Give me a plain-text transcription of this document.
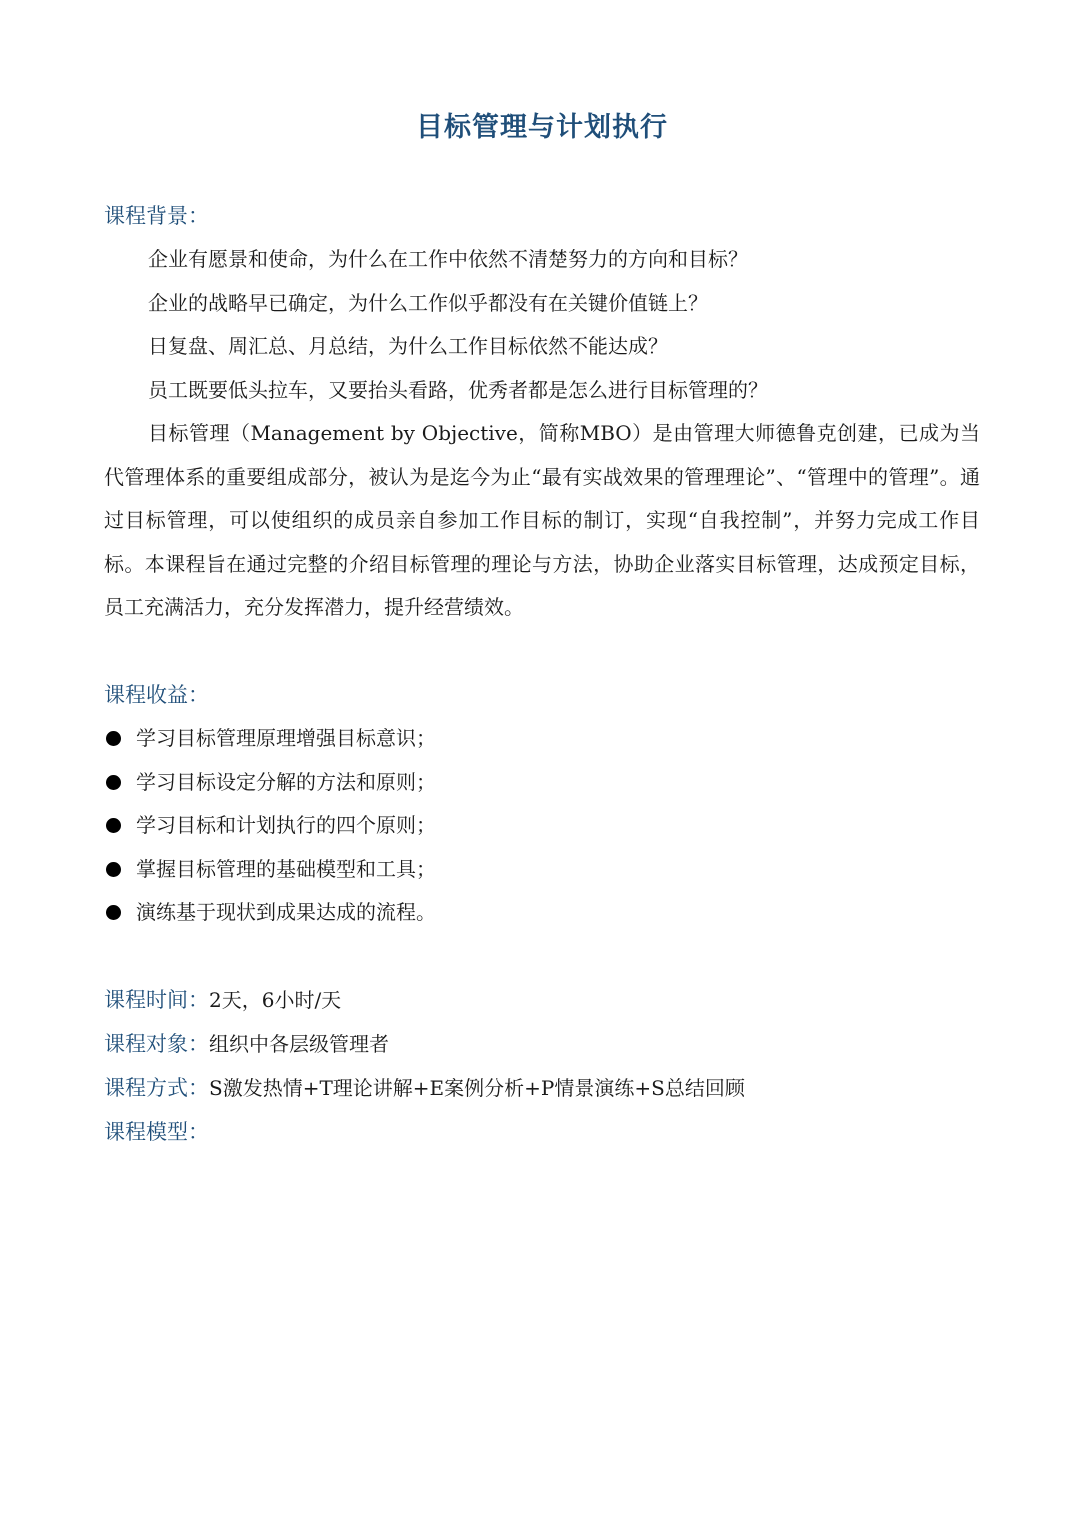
目标管理与计划执行

课程背景：

企业有愿景和使命，为什么在工作中依然不清楚努力的方向和目标？

企业的战略早已确定，为什么工作似乎都没有在关键价值链上？

日复盘、周汇总、月总结，为什么工作目标依然不能达成？

员工既要低头拉车，又要抬头看路，优秀者都是怎么进行目标管理的？

目标管理（Management by Objective，简称MBO）是由管理大师德鲁克创建，已成为当代管理体系的重要组成部分，被认为是迄今为止“最有实战效果的管理理论”、“管理中的管理”。通过目标管理，可以使组织的成员亲自参加工作目标的制订，实现“自我控制”，并努力完成工作目标。本课程旨在通过完整的介绍目标管理的理论与方法，协助企业落实目标管理，达成预定目标，员工充满活力，充分发挥潜力，提升经营绩效。

课程收益：

学习目标管理原理增强目标意识；
学习目标设定分解的方法和原则；
学习目标和计划执行的四个原则；
掌握目标管理的基础模型和工具；
演练基于现状到成果达成的流程。

课程时间：2天，6小时/天

课程对象：组织中各层级管理者

课程方式：S激发热情+T理论讲解+E案例分析+P情景演练+S总结回顾

课程模型：
